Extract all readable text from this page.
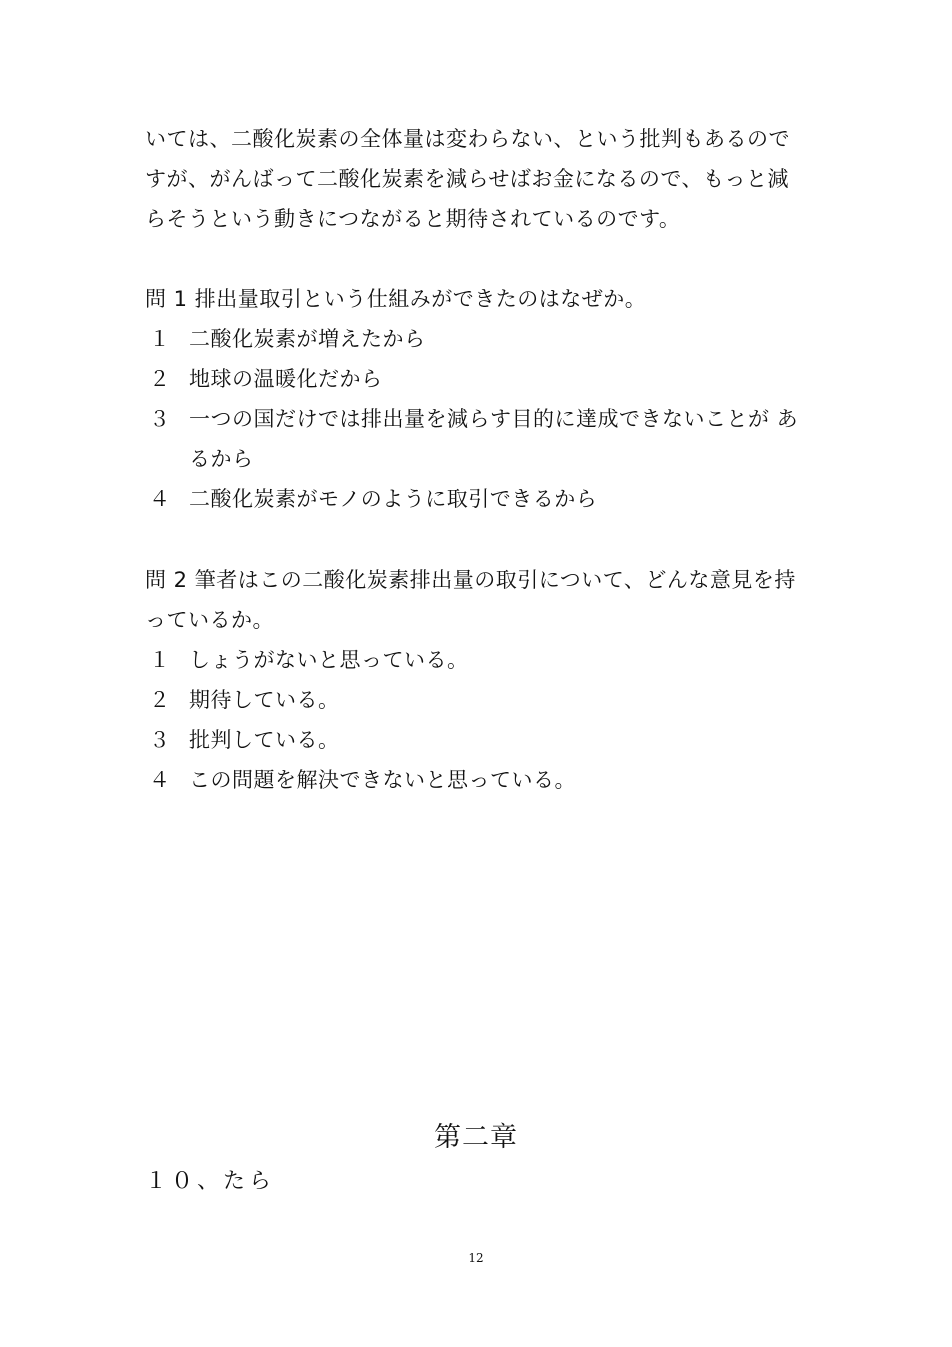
いては、二酸化炭素の全体量は変わらない、という批判もあるので
すが、がんばって二酸化炭素を減らせばお金になるので、もっと減
らそうという動きにつながると期待されているのです。
問 1 排出量取引という仕組みができたのはなぜか。
１ 二酸化炭素が増えたから
２ 地球の温暖化だから
３ 一つの国だけでは排出量を減らす目的に達成できないことが あるから
４ 二酸化炭素がモノのように取引できるから
問 2 筆者はこの二酸化炭素排出量の取引について、どんな意見を持
っているか。
１ しょうがないと思っている。
２ 期待している。
３ 批判している。
４ この問題を解決できないと思っている。
第二章
１０、たら
12
